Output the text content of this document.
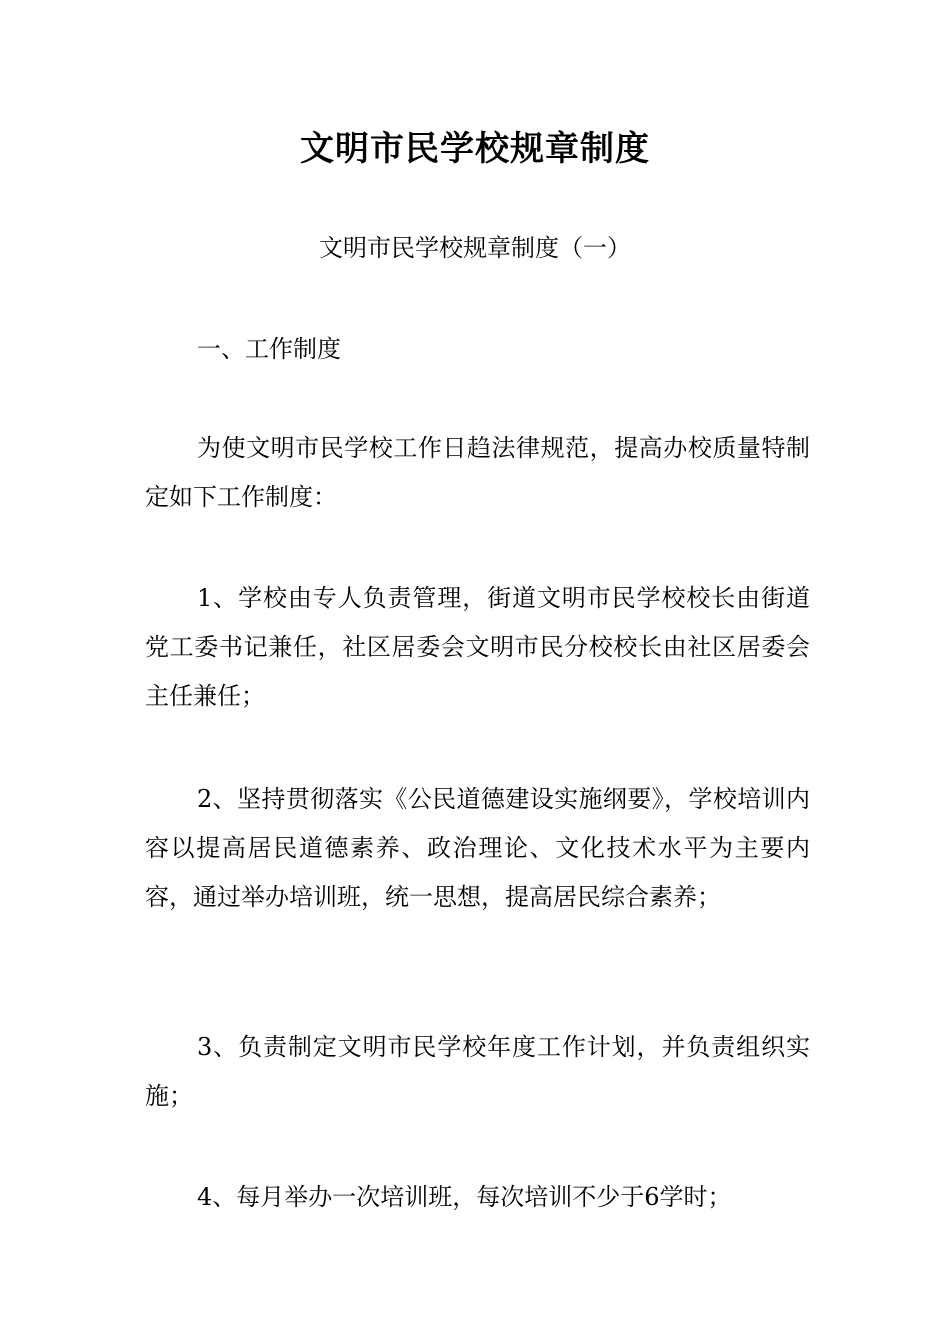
文明市民学校规章制度
文明市民学校规章制度（一）

一、工作制度

为使文明市民学校工作日趋法律规范，提高办校质量特制定如下工作制度：

1、学校由专人负责管理，街道文明市民学校校长由街道党工委书记兼任，社区居委会文明市民分校校长由社区居委会主任兼任；

2、坚持贯彻落实《公民道德建设实施纲要》，学校培训内容以提高居民道德素养、政治理论、文化技术水平为主要内容，通过举办培训班，统一思想，提高居民综合素养；

3、负责制定文明市民学校年度工作计划，并负责组织实施；

4、每月举办一次培训班，每次培训不少于6学时；
